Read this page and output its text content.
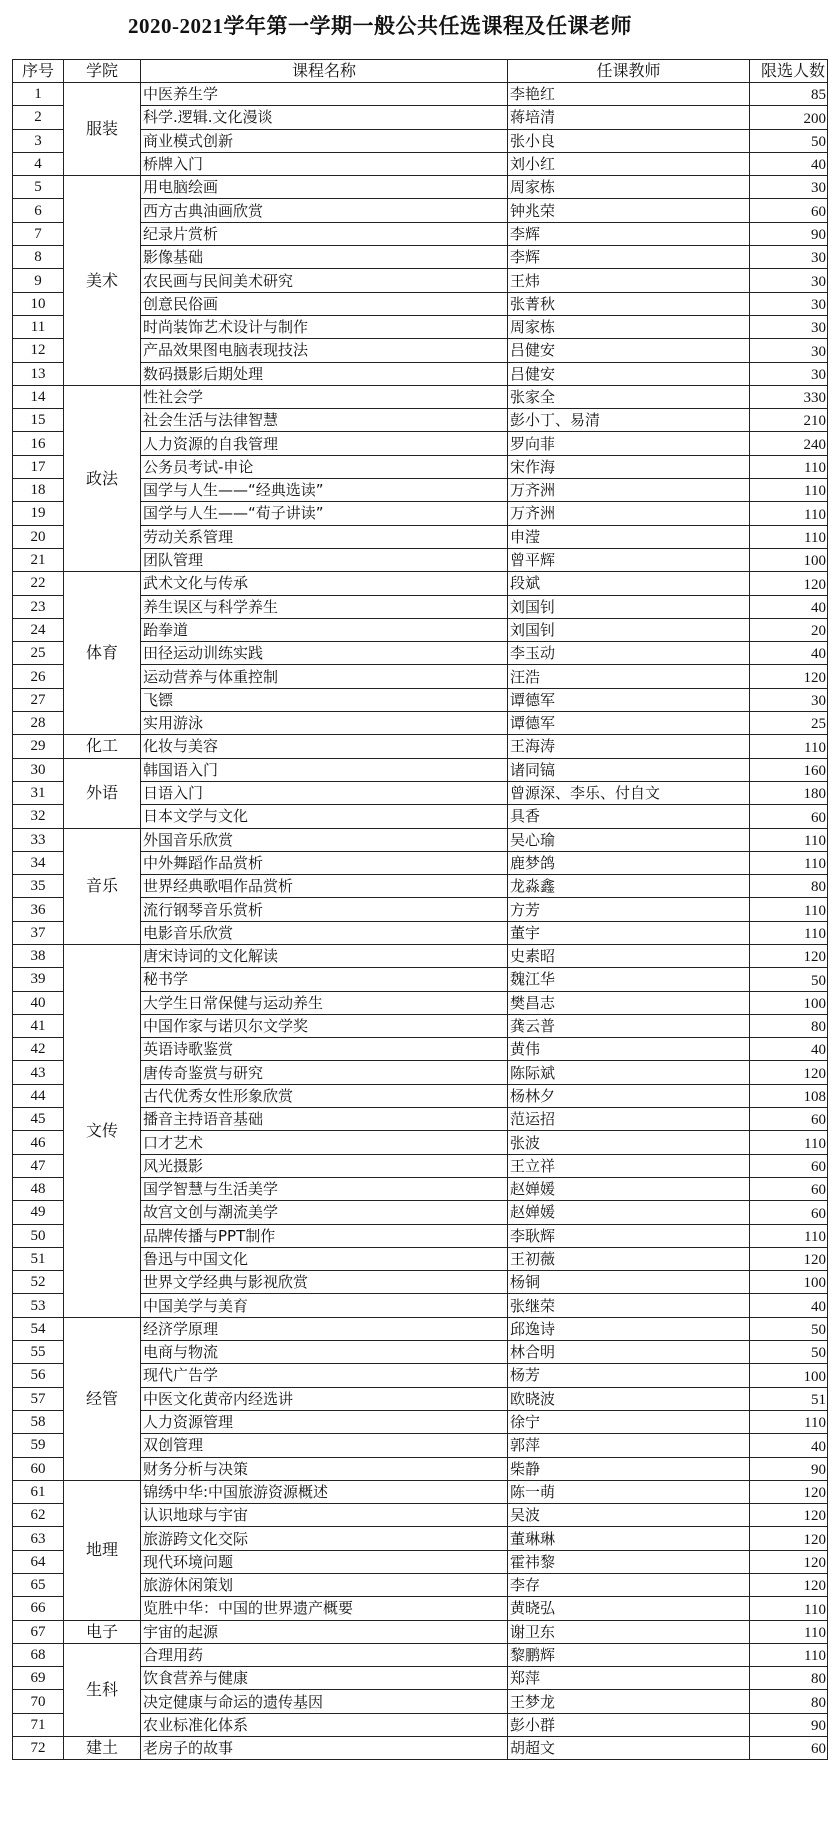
2020-2021学年第一学期一般公共任选课程及任课老师
序号	学院	课程名称	任课教师	限选人数
1	服装	中医养生学	李艳红	85
2		科学.逻辑.文化漫谈	蒋培清	200
3		商业模式创新	张小良	50
4		桥牌入门	刘小红	40
5	美术	用电脑绘画	周家栋	30
6		西方古典油画欣赏	钟兆荣	60
7		纪录片赏析	李辉	90
8		影像基础	李辉	30
9		农民画与民间美术研究	王炜	30
10		创意民俗画	张菁秋	30
11		时尚装饰艺术设计与制作	周家栋	30
12		产品效果图电脑表现技法	吕健安	30
13		数码摄影后期处理	吕健安	30
14	政法	性社会学	张家全	330
15		社会生活与法律智慧	彭小丁、易清	210
16		人力资源的自我管理	罗向菲	240
17		公务员考试-申论	宋作海	110
18		国学与人生——“经典选读”	万齐洲	110
19		国学与人生——“荀子讲读”	万齐洲	110
20		劳动关系管理	申滢	110
21		团队管理	曾平辉	100
22	体育	武术文化与传承	段斌	120
23		养生误区与科学养生	刘国钊	40
24		跆拳道	刘国钊	20
25		田径运动训练实践	李玉动	40
26		运动营养与体重控制	汪浩	120
27		飞镖	谭德军	30
28		实用游泳	谭德军	25
29	化工	化妆与美容	王海涛	110
30	外语	韩国语入门	诸同镐	160
31		日语入门	曾源深、李乐、付自文	180
32		日本文学与文化	具香	60
33	音乐	外国音乐欣赏	吴心瑜	110
34		中外舞蹈作品赏析	鹿梦鸽	110
35		世界经典歌唱作品赏析	龙淼鑫	80
36		流行钢琴音乐赏析	方芳	110
37		电影音乐欣赏	董宇	110
38	文传	唐宋诗词的文化解读	史素昭	120
39		秘书学	魏江华	50
40		大学生日常保健与运动养生	樊昌志	100
41		中国作家与诺贝尔文学奖	龚云普	80
42		英语诗歌鉴赏	黄伟	40
43		唐传奇鉴赏与研究	陈际斌	120
44		古代优秀女性形象欣赏	杨林夕	108
45		播音主持语音基础	范运招	60
46		口才艺术	张波	110
47		风光摄影	王立祥	60
48		国学智慧与生活美学	赵婵媛	60
49		故宫文创与潮流美学	赵婵媛	60
50		品牌传播与PPT制作	李耿辉	110
51		鲁迅与中国文化	王初薇	120
52		世界文学经典与影视欣赏	杨铜	100
53		中国美学与美育	张继荣	40
54	经管	经济学原理	邱逸诗	50
55		电商与物流	林合明	50
56		现代广告学	杨芳	100
57		中医文化黄帝内经选讲	欧晓波	51
58		人力资源管理	徐宁	110
59		双创管理	郭萍	40
60		财务分析与决策	柴静	90
61	地理	锦绣中华:中国旅游资源概述	陈一萌	120
62		认识地球与宇宙	吴波	120
63		旅游跨文化交际	董琳琳	120
64		现代环境问题	霍祎黎	120
65		旅游休闲策划	李存	120
66		览胜中华：中国的世界遗产概要	黄晓弘	110
67	电子	宇宙的起源	谢卫东	110
68	生科	合理用药	黎鹏辉	110
69		饮食营养与健康	郑萍	80
70		决定健康与命运的遗传基因	王梦龙	80
71		农业标准化体系	彭小群	90
72	建土	老房子的故事	胡超文	60
